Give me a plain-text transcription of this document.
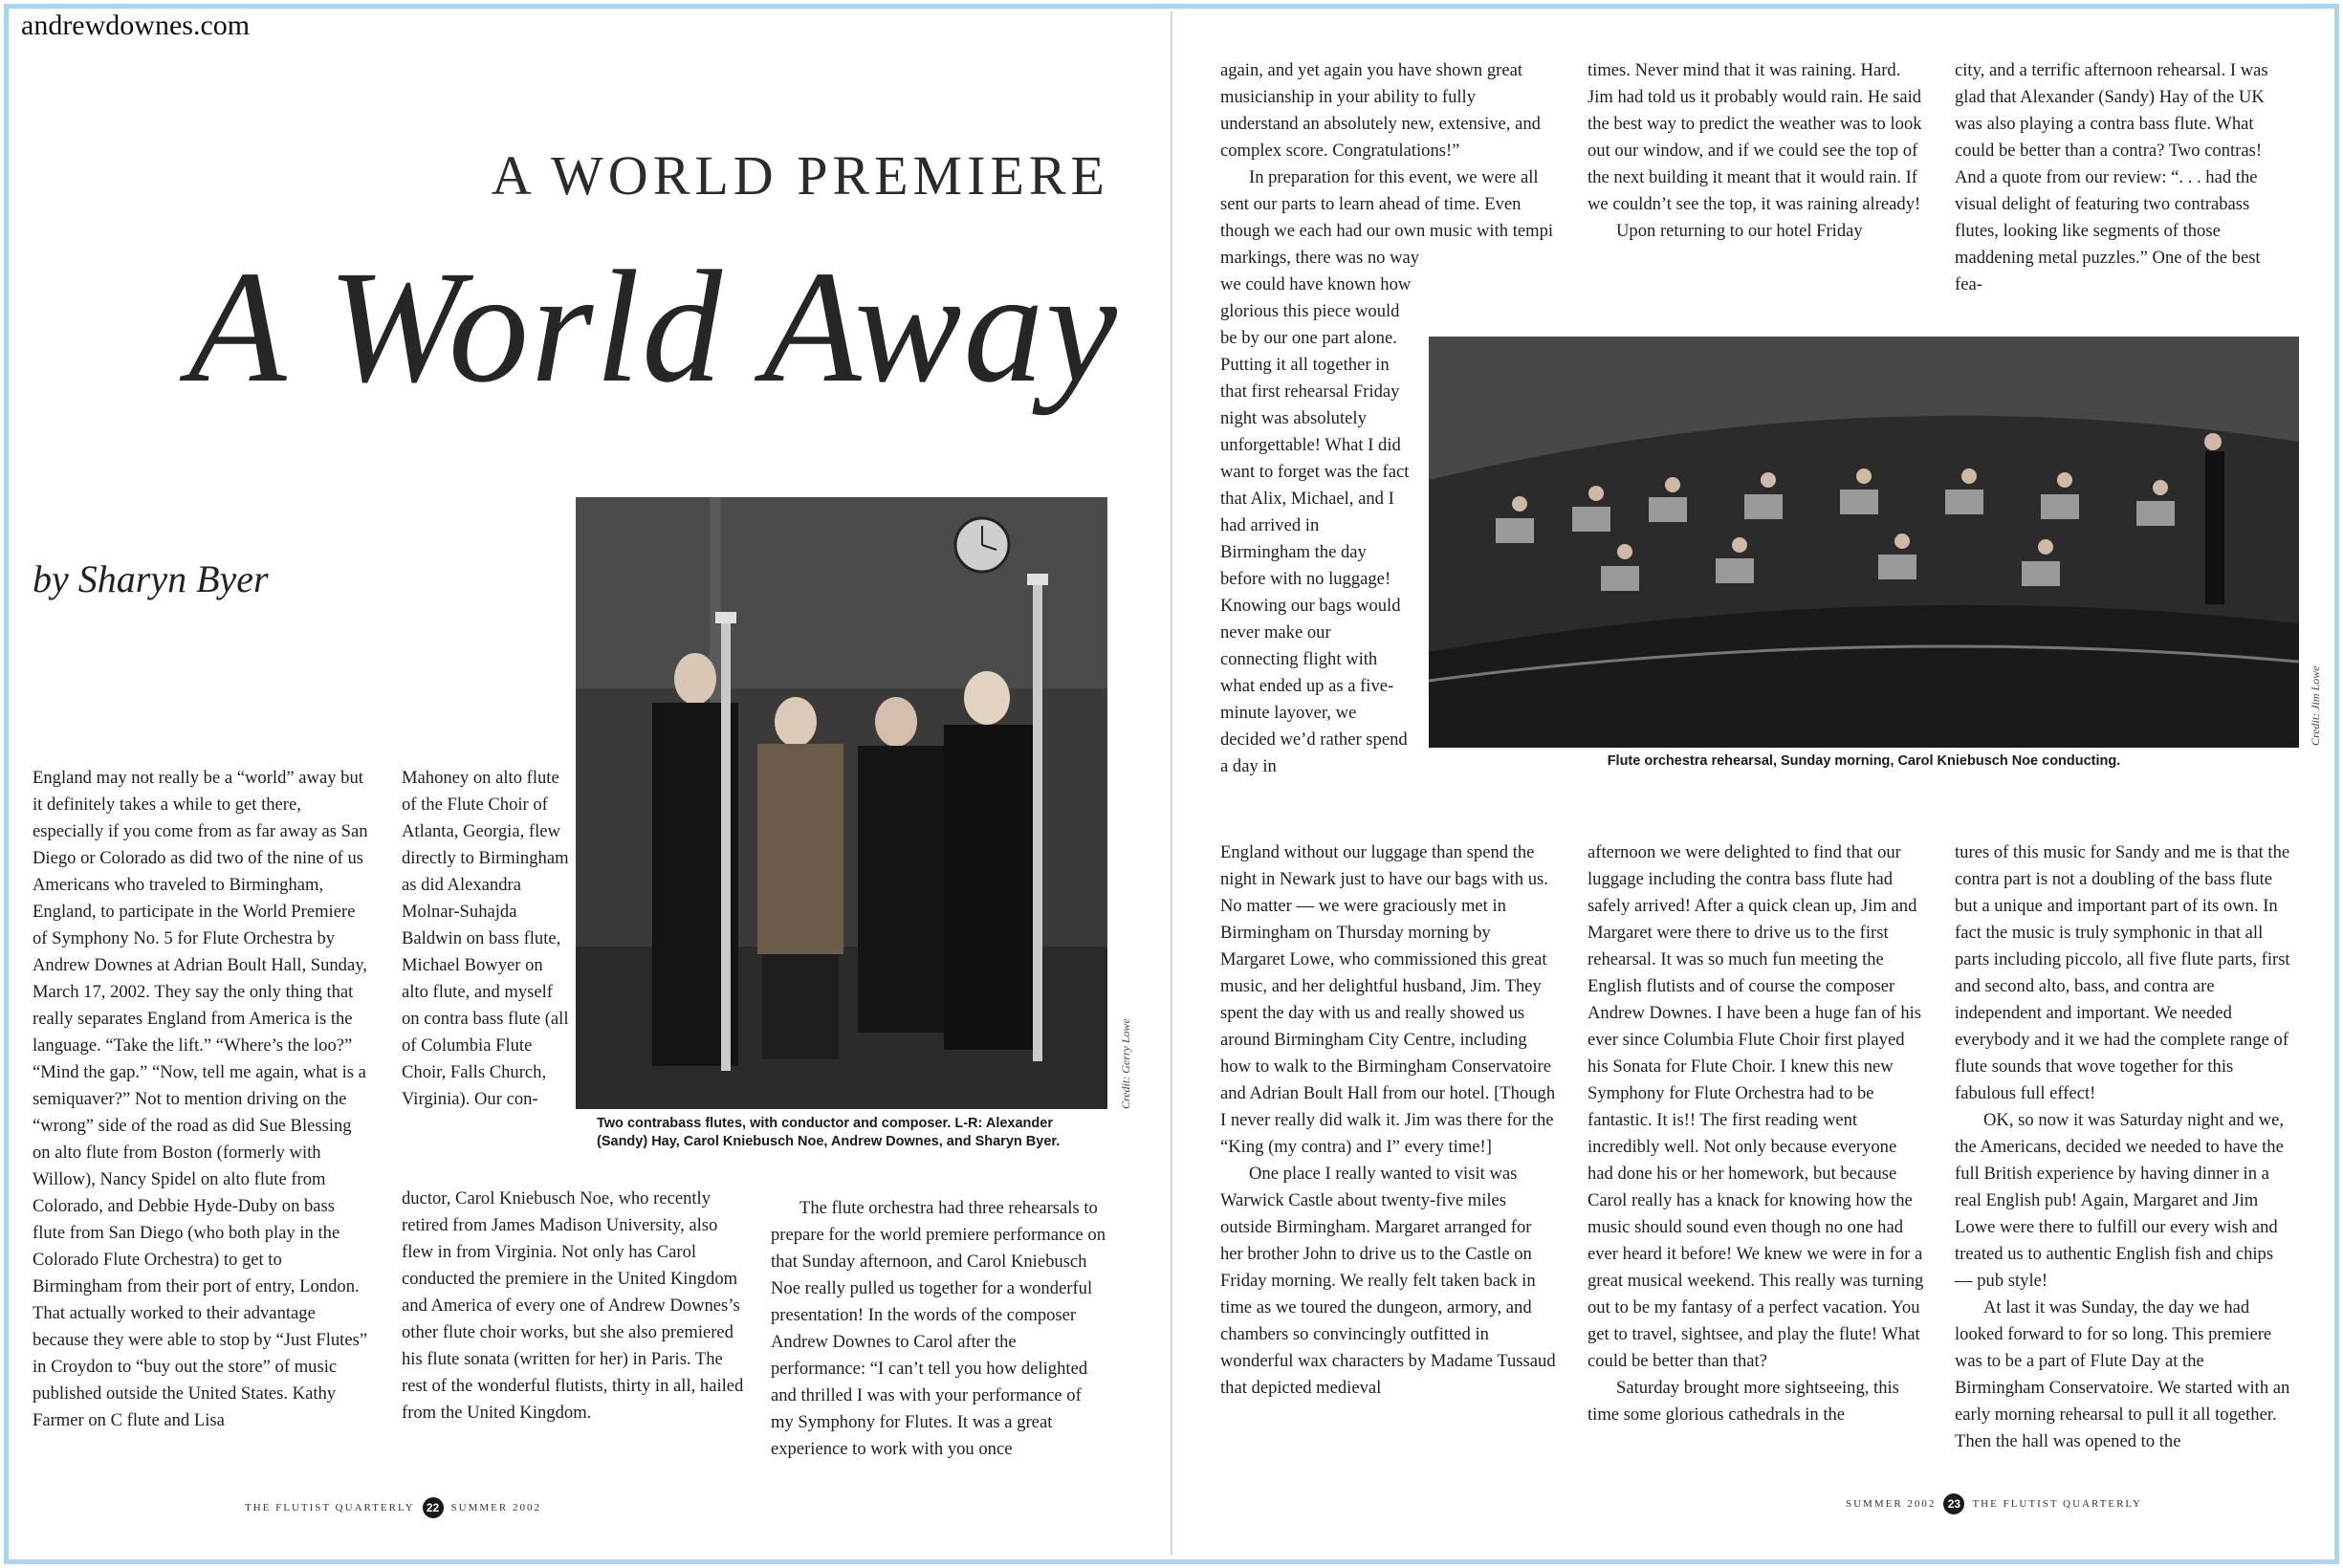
andrewdownes.com
A WORLD PREMIERE
A World Away
by Sharyn Byer
Credit: Gerry Lowe
Two contrabass flutes, with conductor and composer. L-R: Alexander (Sandy) Hay, Carol Kniebusch Noe, Andrew Downes, and Sharyn Byer.

England may not really be a “world” away but it definitely takes a while to get there, especially if you come from as far away as San Diego or Colorado as did two of the nine of us Americans who traveled to Birmingham, England, to participate in the World Premiere of Symphony No. 5 for Flute Orchestra by Andrew Downes at Adrian Boult Hall, Sunday, March 17, 2002. They say the only thing that really separates England from America is the language. “Take the lift.” “Where’s the loo?” “Mind the gap.” “Now, tell me again, what is a semiquaver?” Not to mention driving on the “wrong” side of the road as did Sue Blessing on alto flute from Boston (formerly with Willow), Nancy Spidel on alto flute from Colorado, and Debbie Hyde-Duby on bass flute from San Diego (who both play in the Colorado Flute Orchestra) to get to Birmingham from their port of entry, London. That actually worked to their advantage because they were able to stop by “Just Flutes” in Croydon to “buy out the store” of music published outside the United States. Kathy Farmer on C flute and Lisa

Mahoney on alto flute of the Flute Choir of Atlanta, Georgia, flew directly to Birmingham as did Alexandra Molnar-Suhajda Baldwin on bass flute, Michael Bowyer on alto flute, and myself on contra bass flute (all of Columbia Flute Choir, Falls Church, Virginia). Our con-

ductor, Carol Kniebusch Noe, who recently retired from James Madison University, also flew in from Virginia. Not only has Carol conducted the premiere in the United Kingdom and America of every one of Andrew Downes’s other flute choir works, but she also premiered his flute sonata (written for her) in Paris. The rest of the wonderful flutists, thirty in all, hailed from the United Kingdom.

The flute orchestra had three rehearsals to prepare for the world premiere performance on that Sunday afternoon, and Carol Kniebusch Noe really pulled us together for a wonderful presentation! In the words of the composer Andrew Downes to Carol after the performance: “I can’t tell you how delighted and thrilled I was with your performance of my Symphony for Flutes. It was a great experience to work with you once

THE FLUTIST QUARTERLY	22	SUMMER 2002

again, and yet again you have shown great musicianship in your ability to fully understand an absolutely new, extensive, and complex score. Congratulations!”

In preparation for this event, we were all sent our parts to learn ahead of time. Even though we each had our own music with tempi markings, there was no way

we could have known how glorious this piece would be by our one part alone. Putting it all together in that first rehearsal Friday night was absolutely unforgettable! What I did want to forget was the fact that Alix, Michael, and I had arrived in Birmingham the day before with no luggage! Knowing our bags would never make our connecting flight with what ended up as a five-minute layover, we decided we’d rather spend a day in

England without our luggage than spend the night in Newark just to have our bags with us. No matter — we were graciously met in Birmingham on Thursday morning by Margaret Lowe, who commissioned this great music, and her delightful husband, Jim. They spent the day with us and really showed us around Birmingham City Centre, including how to walk to the Birmingham Conservatoire and Adrian Boult Hall from our hotel. [Though I never really did walk it. Jim was there for the “King (my contra) and I” every time!]

One place I really wanted to visit was Warwick Castle about twenty-five miles outside Birmingham. Margaret arranged for her brother John to drive us to the Castle on Friday morning. We really felt taken back in time as we toured the dungeon, armory, and chambers so convincingly outfitted in wonderful wax characters by Madame Tussaud that depicted medieval

times. Never mind that it was raining. Hard. Jim had told us it probably would rain. He said the best way to predict the weather was to look out our window, and if we could see the top of the next building it meant that it would rain. If we couldn’t see the top, it was raining already!

Upon returning to our hotel Friday

afternoon we were delighted to find that our luggage including the contra bass flute had safely arrived! After a quick clean up, Jim and Margaret were there to drive us to the first rehearsal. It was so much fun meeting the English flutists and of course the composer Andrew Downes. I have been a huge fan of his ever since Columbia Flute Choir first played his Sonata for Flute Choir. I knew this new Symphony for Flute Orchestra had to be fantastic. It is!! The first reading went incredibly well. Not only because everyone had done his or her homework, but because Carol really has a knack for knowing how the music should sound even though no one had ever heard it before! We knew we were in for a great musical weekend. This really was turning out to be my fantasy of a perfect vacation. You get to travel, sightsee, and play the flute! What could be better than that?

Saturday brought more sightseeing, this time some glorious cathedrals in the

city, and a terrific afternoon rehearsal. I was glad that Alexander (Sandy) Hay of the UK was also playing a contra bass flute. What could be better than a contra? Two contras! And a quote from our review: “. . . had the visual delight of featuring two contrabass flutes, looking like segments of those maddening metal puzzles.” One of the best fea-

tures of this music for Sandy and me is that the contra part is not a doubling of the bass flute but a unique and important part of its own. In fact the music is truly symphonic in that all parts including piccolo, all five flute parts, first and second alto, bass, and contra are independent and important. We needed everybody and it we had the complete range of flute sounds that wove together for this fabulous full effect!

OK, so now it was Saturday night and we, the Americans, decided we needed to have the full British experience by having dinner in a real English pub! Again, Margaret and Jim Lowe were there to fulfill our every wish and treated us to authentic English fish and chips — pub style!

At last it was Sunday, the day we had looked forward to for so long. This premiere was to be a part of Flute Day at the Birmingham Conservatoire. We started with an early morning rehearsal to pull it all together. Then the hall was opened to the

Credit: Jim Lowe
Flute orchestra rehearsal, Sunday morning, Carol Kniebusch Noe conducting.
SUMMER 2002	23	THE FLUTIST QUARTERLY
